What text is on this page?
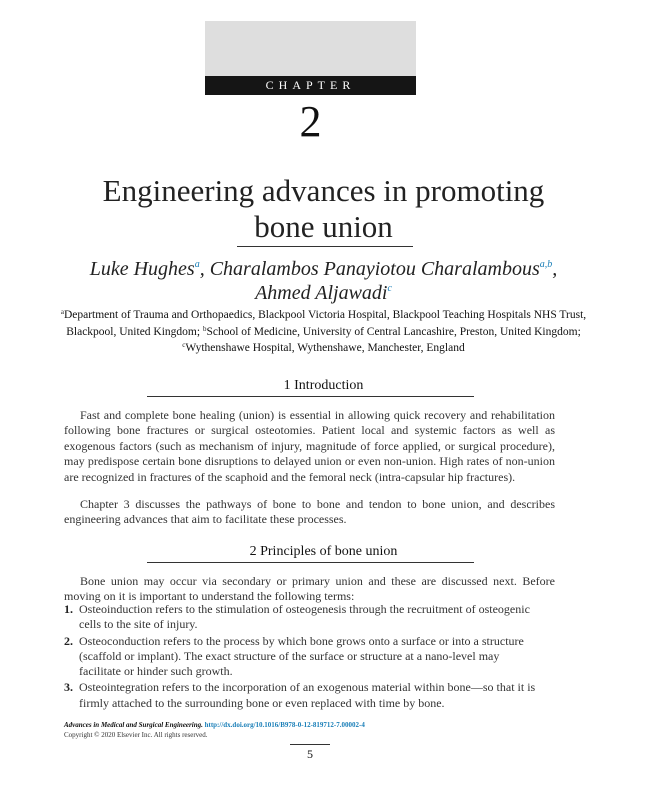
CHAPTER
2
Engineering advances in promoting
bone union
Luke Hughes$^a$, Charalambos Panayiotou Charalambous$^{a,b}$,
Ahmed Aljawadi$^c$
$^a$Department of Trauma and Orthopaedics, Blackpool Victoria Hospital, Blackpool Teaching Hospitals NHS Trust, Blackpool, United Kingdom; $^b$School of Medicine, University of Central Lancashire, Preston, United Kingdom; $^c$Wythenshawe Hospital, Wythenshawe, Manchester, England
1 Introduction
Fast and complete bone healing (union) is essential in allowing quick recovery and rehabilitation following bone fractures or surgical osteotomies. Patient local and systemic factors as well as exogenous factors (such as mechanism of injury, magnitude of force applied, or surgical procedure), may predispose certain bone disruptions to delayed union or even non-union. High rates of non-union are recognized in fractures of the scaphoid and the femoral neck (intra-capsular hip fractures).
Chapter 3 discusses the pathways of bone to bone and tendon to bone union, and describes engineering advances that aim to facilitate these processes.
2 Principles of bone union
Bone union may occur via secondary or primary union and these are discussed next. Before moving on it is important to understand the following terms:
1. Osteoinduction refers to the stimulation of osteogenesis through the recruitment of osteogenic cells to the site of injury.
2. Osteoconduction refers to the process by which bone grows onto a surface or into a structure (scaffold or implant). The exact structure of the surface or structure at a nano-level may facilitate or hinder such growth.
3. Osteointegration refers to the incorporation of an exogenous material within bone—so that it is firmly attached to the surrounding bone or even replaced with time by bone.
Advances in Medical and Surgical Engineering. http://dx.doi.org/10.1016/B978-0-12-819712-7.00002-4
Copyright © 2020 Elsevier Inc. All rights reserved.
5
